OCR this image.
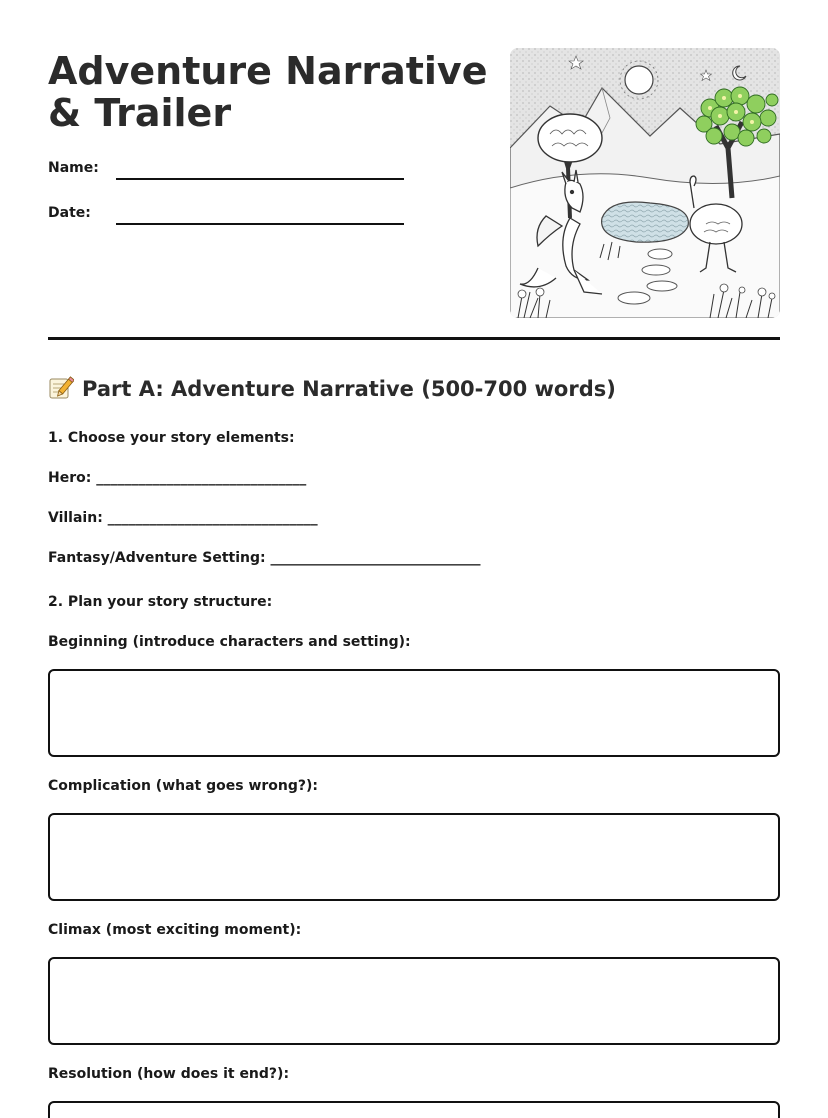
Adventure Narrative & Trailer
Name:
Date:
Part A: Adventure Narrative (500-700 words)
1. Choose your story elements:
Hero: ______________________________
Villain: ______________________________
Fantasy/Adventure Setting: ______________________________
2. Plan your story structure:
Beginning (introduce characters and setting):
Complication (what goes wrong?):
Climax (most exciting moment):
Resolution (how does it end?):
